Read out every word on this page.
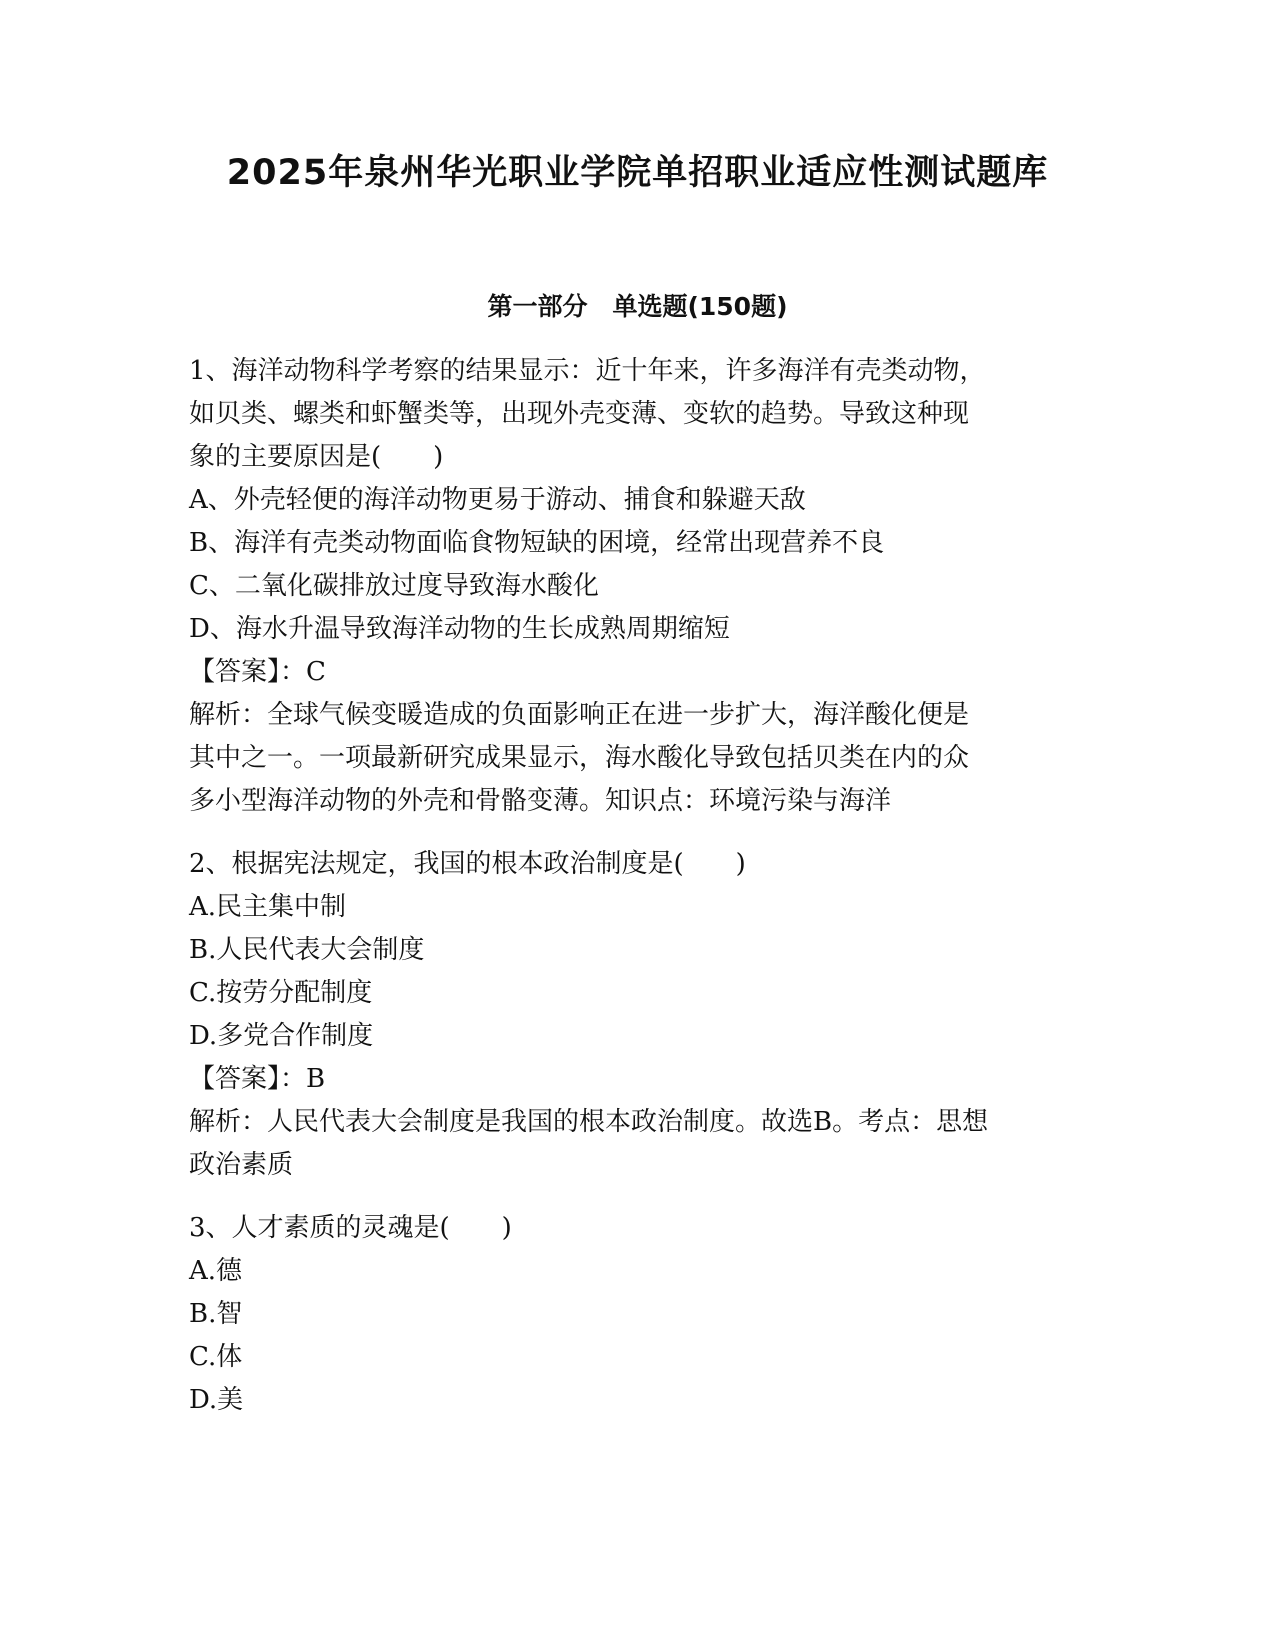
2025年泉州华光职业学院单招职业适应性测试题库
第一部分　单选题(150题)
1、海洋动物科学考察的结果显示：近十年来，许多海洋有壳类动物，
如贝类、螺类和虾蟹类等，出现外壳变薄、变软的趋势。导致这种现
象的主要原因是(　　)
A、外壳轻便的海洋动物更易于游动、捕食和躲避天敌
B、海洋有壳类动物面临食物短缺的困境，经常出现营养不良
C、二氧化碳排放过度导致海水酸化
D、海水升温导致海洋动物的生长成熟周期缩短
【答案】：C
解析：全球气候变暖造成的负面影响正在进一步扩大，海洋酸化便是
其中之一。一项最新研究成果显示，海水酸化导致包括贝类在内的众
多小型海洋动物的外壳和骨骼变薄。知识点：环境污染与海洋
2、根据宪法规定，我国的根本政治制度是(　　)
A.民主集中制
B.人民代表大会制度
C.按劳分配制度
D.多党合作制度
【答案】：B
解析：人民代表大会制度是我国的根本政治制度。故选B。考点：思想
政治素质
3、人才素质的灵魂是(　　)
A.德
B.智
C.体
D.美
